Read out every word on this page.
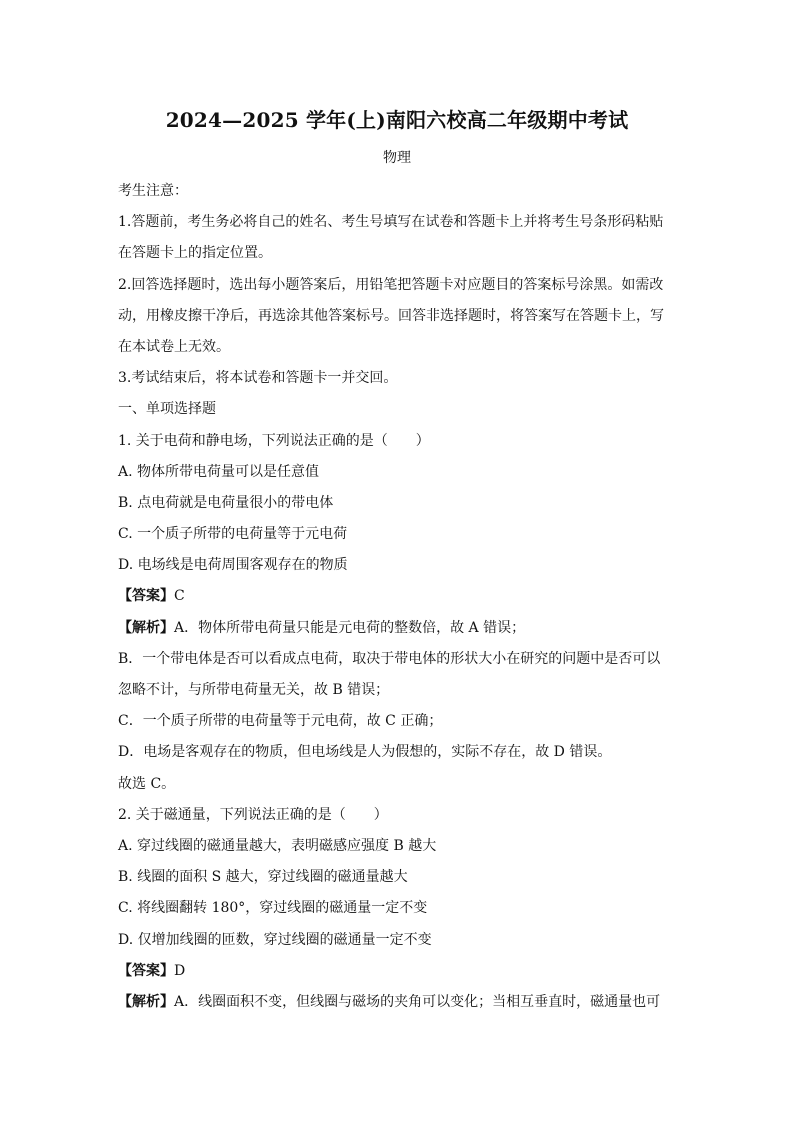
2024—2025 学年(上)南阳六校高二年级期中考试
物理
考生注意：
1.答题前，考生务必将自己的姓名、考生号填写在试卷和答题卡上并将考生号条形码粘贴
在答题卡上的指定位置。
2.回答选择题时，选出每小题答案后，用铅笔把答题卡对应题目的答案标号涂黑。如需改
动，用橡皮擦干净后，再选涂其他答案标号。回答非选择题时，将答案写在答题卡上，写
在本试卷上无效。
3.考试结束后，将本试卷和答题卡一并交回。
一、单项选择题
1. 关于电荷和静电场，下列说法正确的是（　　）
A. 物体所带电荷量可以是任意值
B. 点电荷就是电荷量很小的带电体
C. 一个质子所带的电荷量等于元电荷
D. 电场线是电荷周围客观存在的物质
【答案】C
【解析】A．物体所带电荷量只能是元电荷的整数倍，故 A 错误；
B．一个带电体是否可以看成点电荷，取决于带电体的形状大小在研究的问题中是否可以
忽略不计，与所带电荷量无关，故 B 错误；
C．一个质子所带的电荷量等于元电荷，故 C 正确；
D．电场是客观存在的物质，但电场线是人为假想的，实际不存在，故 D 错误。
故选 C。
2. 关于磁通量，下列说法正确的是（　　）
A. 穿过线圈的磁通量越大，表明磁感应强度 B 越大
B. 线圈的面积 S 越大，穿过线圈的磁通量越大
C. 将线圈翻转 180°，穿过线圈的磁通量一定不变
D. 仅增加线圈的匝数，穿过线圈的磁通量一定不变
【答案】D
【解析】A．线圈面积不变，但线圈与磁场的夹角可以变化；当相互垂直时，磁通量也可
